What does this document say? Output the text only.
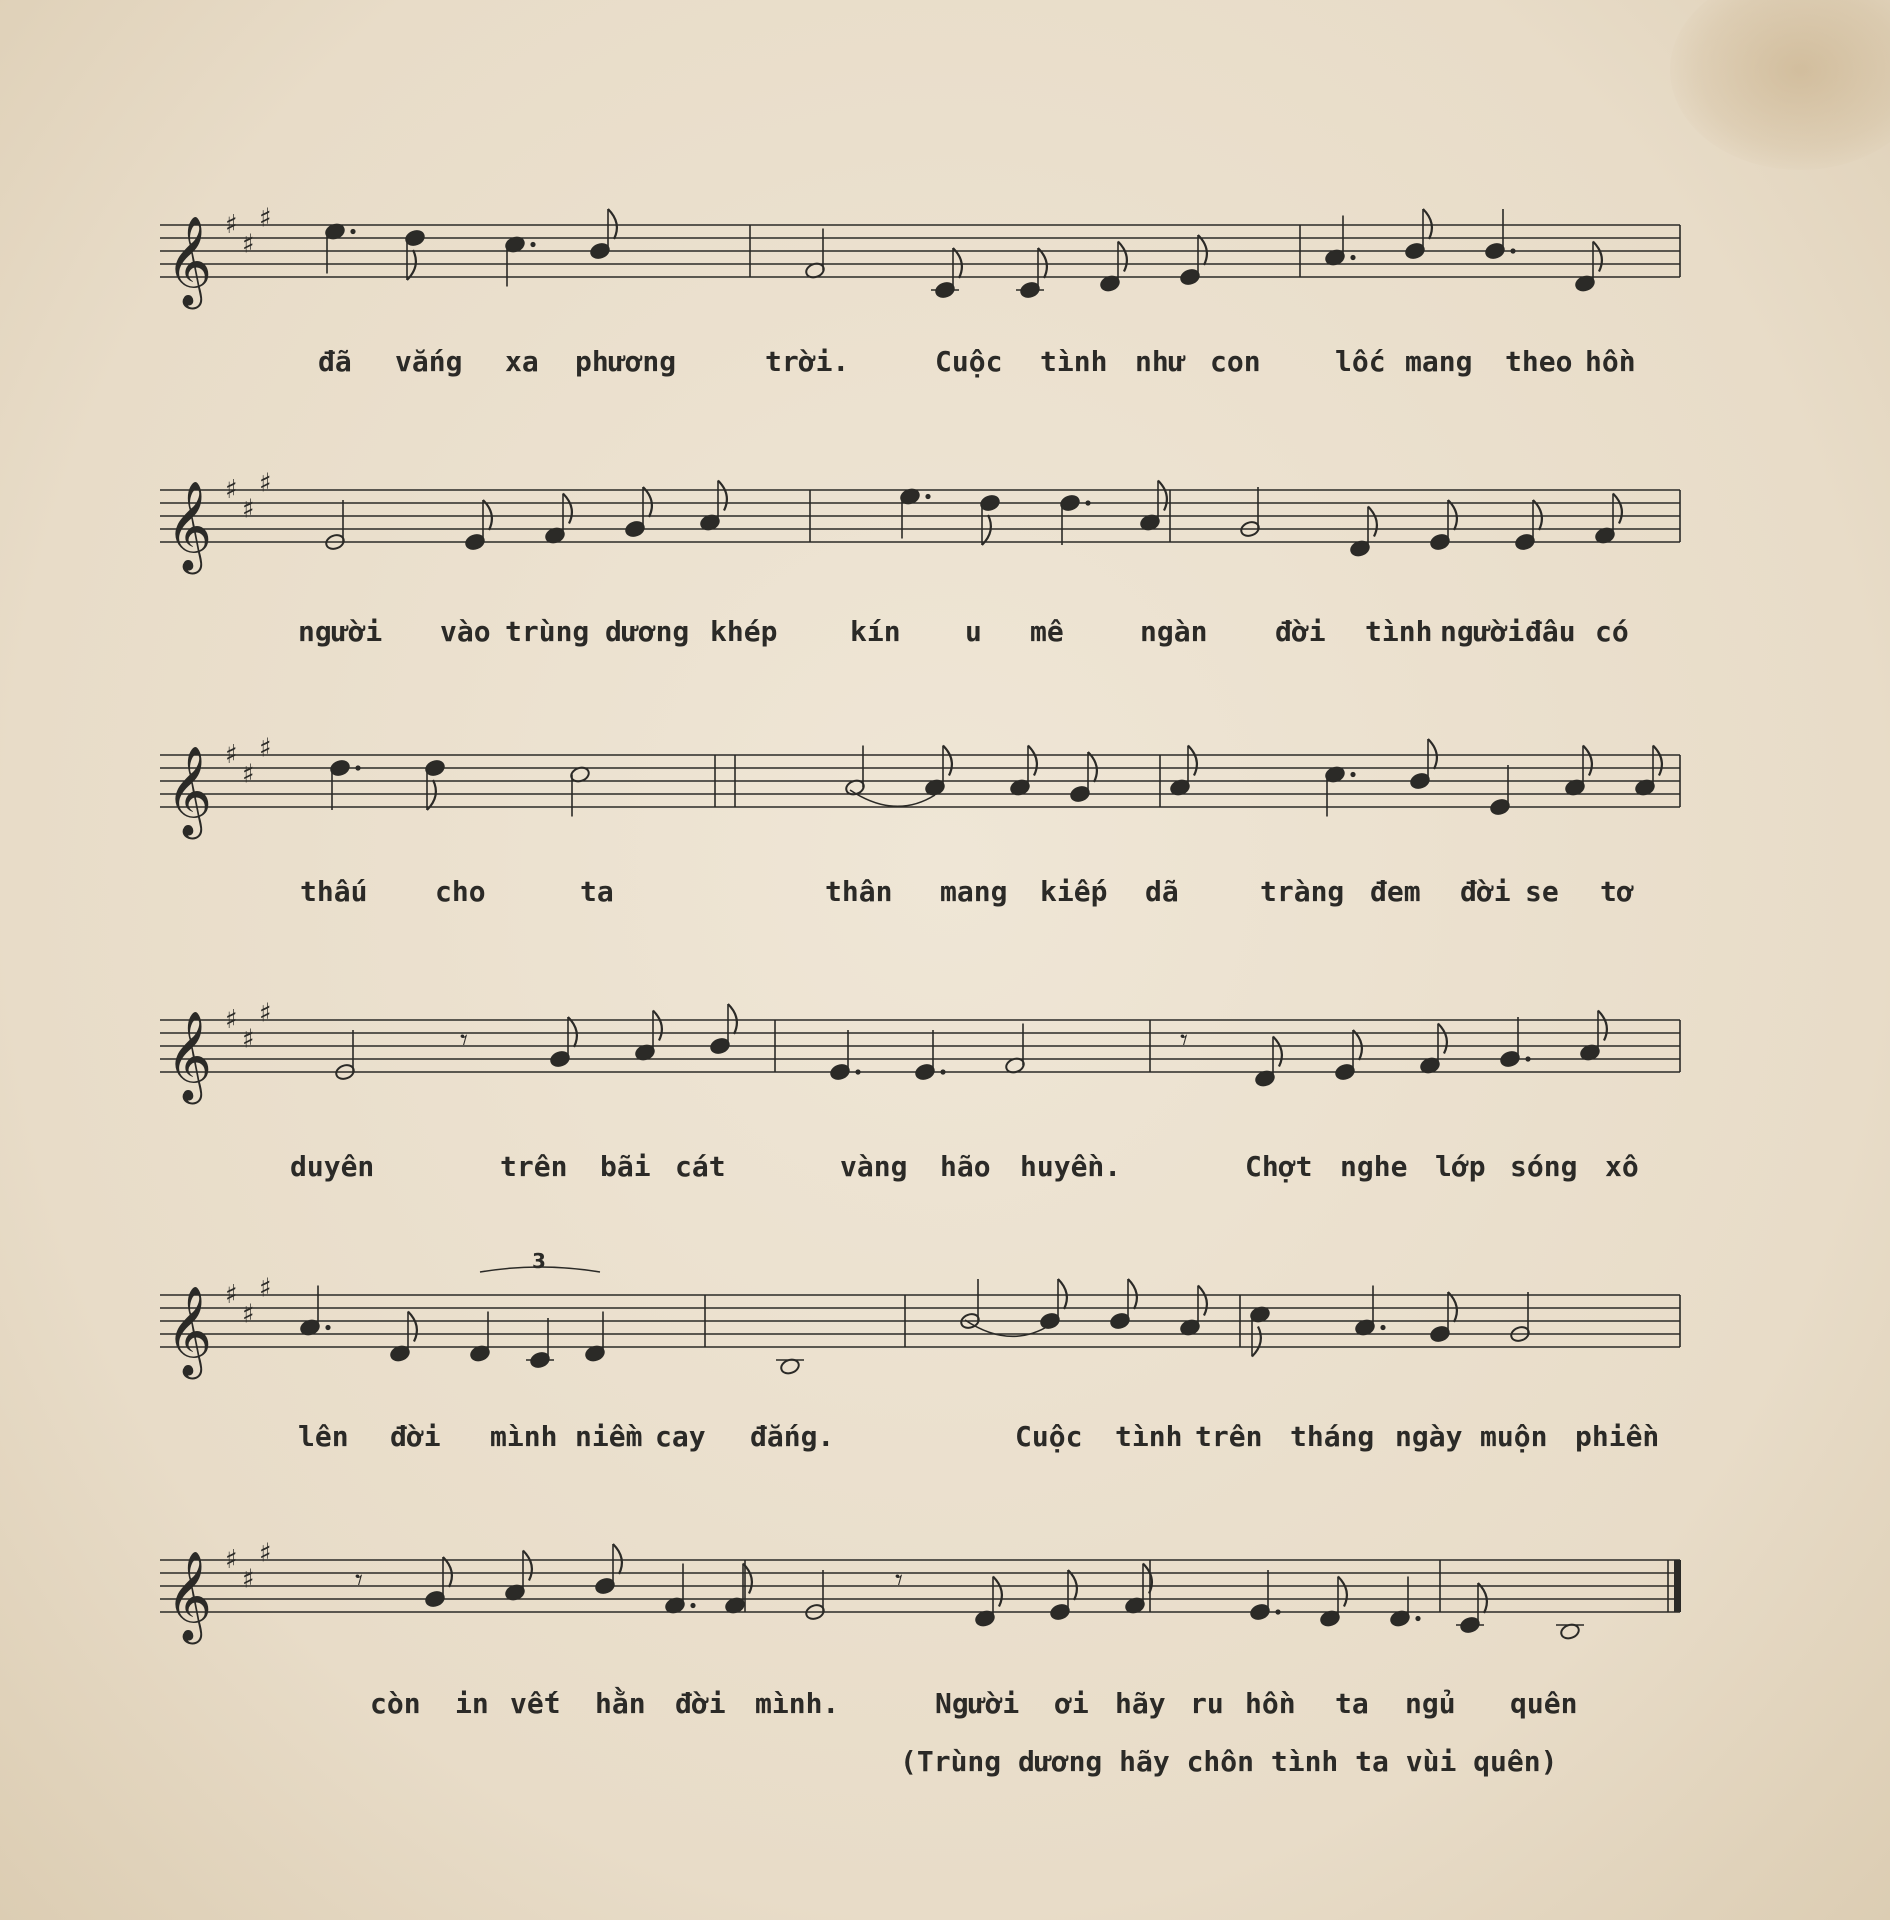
𝄞 ♯
♯
♯
đã vắng xa phương	trời.	Cuộc tình như con	lốc mang theo hồn
𝄞 ♯
♯
♯
người vào trùng dương khép	kín u mê	ngàn đời tình người đâu có
𝄞 ♯
♯
♯
thấu cho	ta	thân mang kiếp dã	tràng đem đời se tơ
𝄞 ♯
♯
♯
𝄾	𝄾
duyên	trên bãi cát	vàng hão huyền.	Chợt nghe lớp sóng xô
𝄞 ♯
♯
♯
3
lên đời mình niềm cay đắng.	Cuộc tình trên tháng ngày muộn phiền
𝄞 ♯
♯
♯
𝄾	𝄾
còn in vết hằn đời mình.	Người ơi hãy ru hồn ta ngủ quên
(Trùng dương hãy chôn tình ta vùi quên)
